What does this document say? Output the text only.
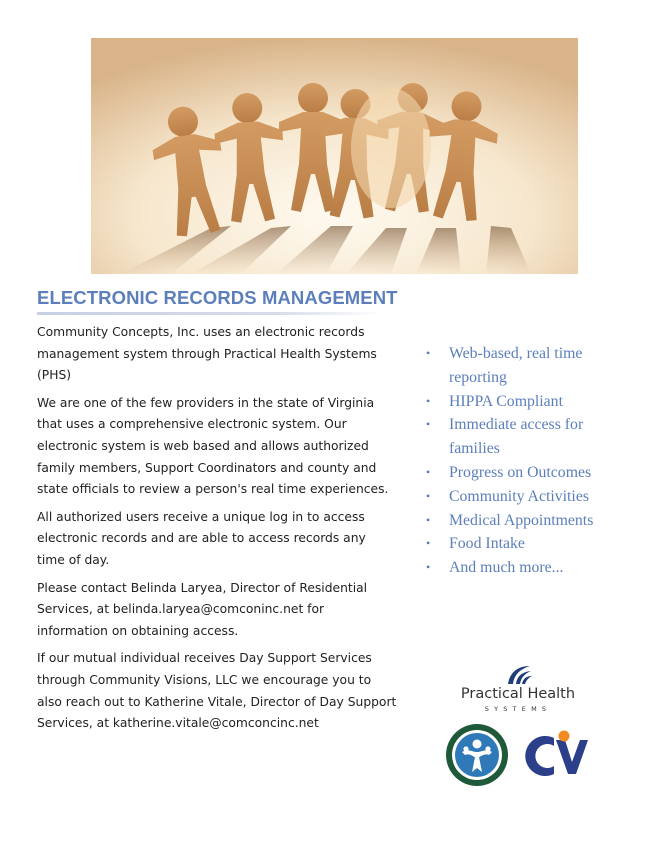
ELECTRONIC RECORDS MANAGEMENT

Community Concepts, Inc. uses an electronic records management system through Practical Health Systems (PHS)

We are one of the few providers in the state of Virginia that uses a comprehensive electronic system. Our electronic system is web based and allows authorized family members, Support Coordinators and county and state officials to review a person's real time experiences.

All authorized users receive a unique log in to access electronic records and are able to access records any time of day.

Please contact Belinda Laryea, Director of Residential Services, at belinda.laryea@comconinc.net for information on obtaining access.

If our mutual individual receives Day Support Services through Community Visions, LLC we encourage you to also reach out to Katherine Vitale, Director of Day Support Services, at katherine.vitale@comconcinc.net

• Web-based, real time reporting
• HIPPA Compliant
• Immediate access for families
• Progress on Outcomes
• Community Activities
• Medical Appointments
• Food Intake
• And much more...
Practical Health
SYSTEMS
